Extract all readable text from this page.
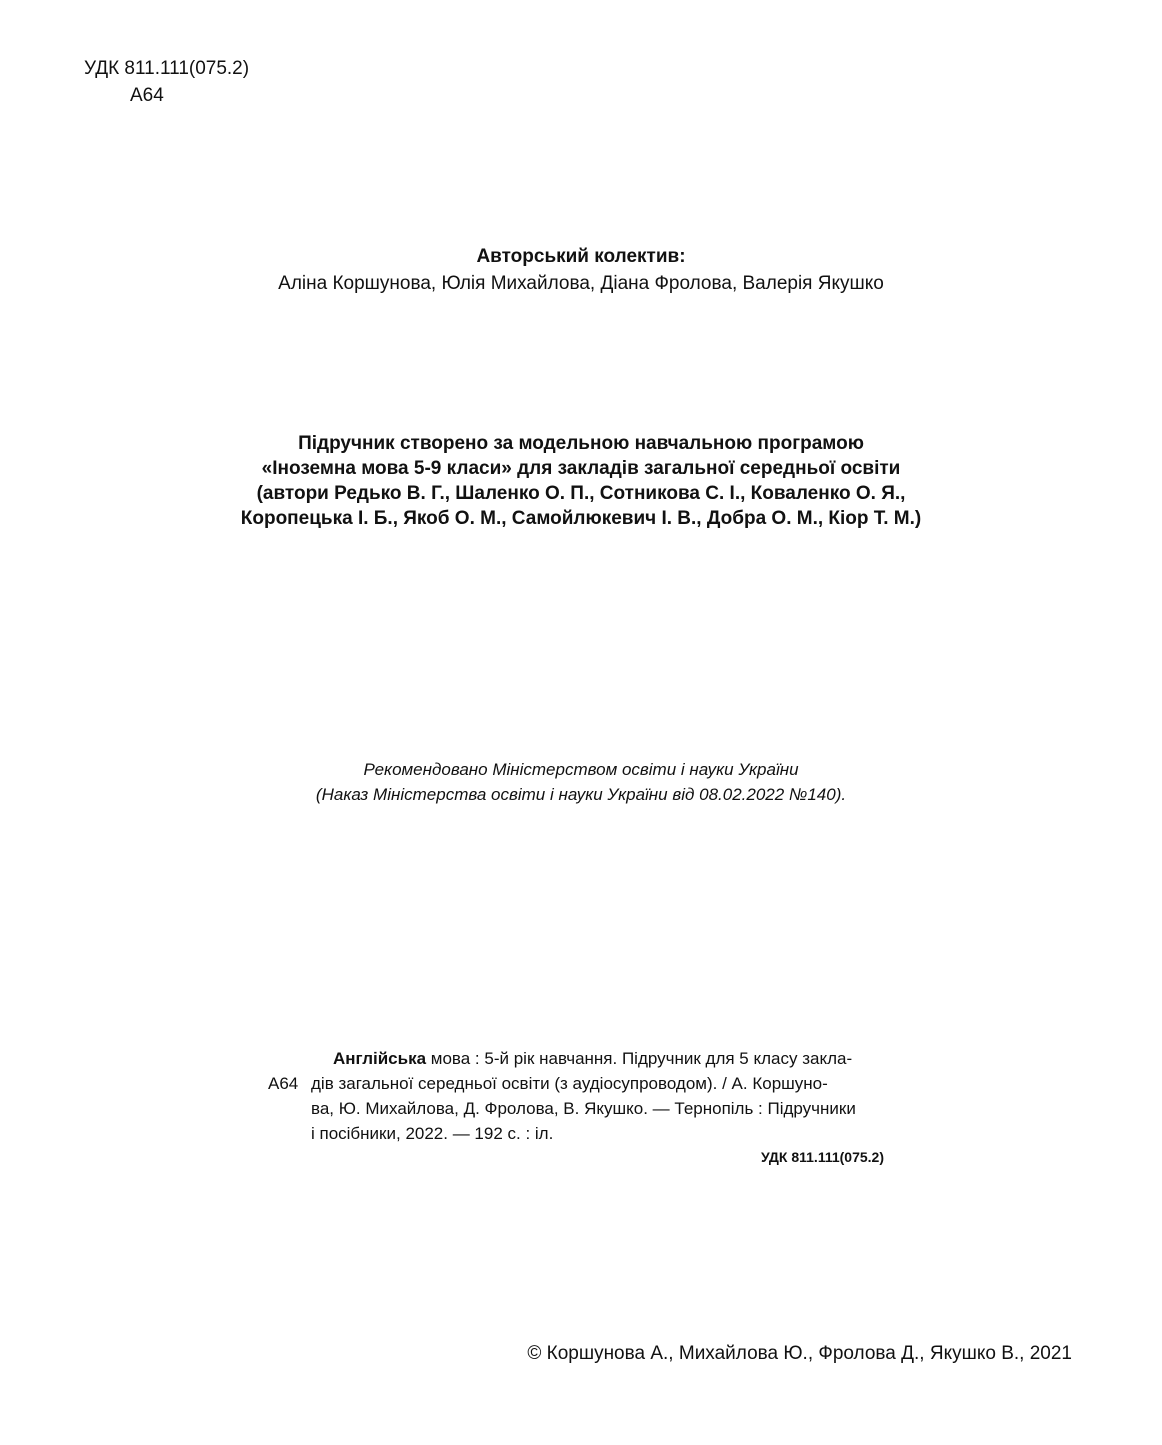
УДК 811.111(075.2)
А64
Авторський колектив:
Аліна Коршунова, Юлія Михайлова, Діана Фролова, Валерія Якушко
Підручник створено за модельною навчальною програмою
«Іноземна мова 5-9 класи» для закладів загальної середньої освіти
(автори Редько В. Г., Шаленко О. П., Сотникова С. І., Коваленко О. Я.,
Коропецька І. Б., Якоб О. М., Самойлюкевич І. В., Добра О. М., Кіор Т. М.)
Рекомендовано Міністерством освіти і науки України
(Наказ Міністерства освіти і науки України від 08.02.2022 №140).
А64
Англійська мова : 5-й рік навчання. Підручник для 5 класу закла-
дів загальної середньої освіти (з аудіосупроводом). / А. Коршуно-
ва, Ю. Михайлова, Д. Фролова, В. Якушко. — Тернопіль : Підручники
і посібники, 2022. — 192 с. : іл.
УДК 811.111(075.2)
© Коршунова А., Михайлова Ю., Фролова Д., Якушко В., 2021
